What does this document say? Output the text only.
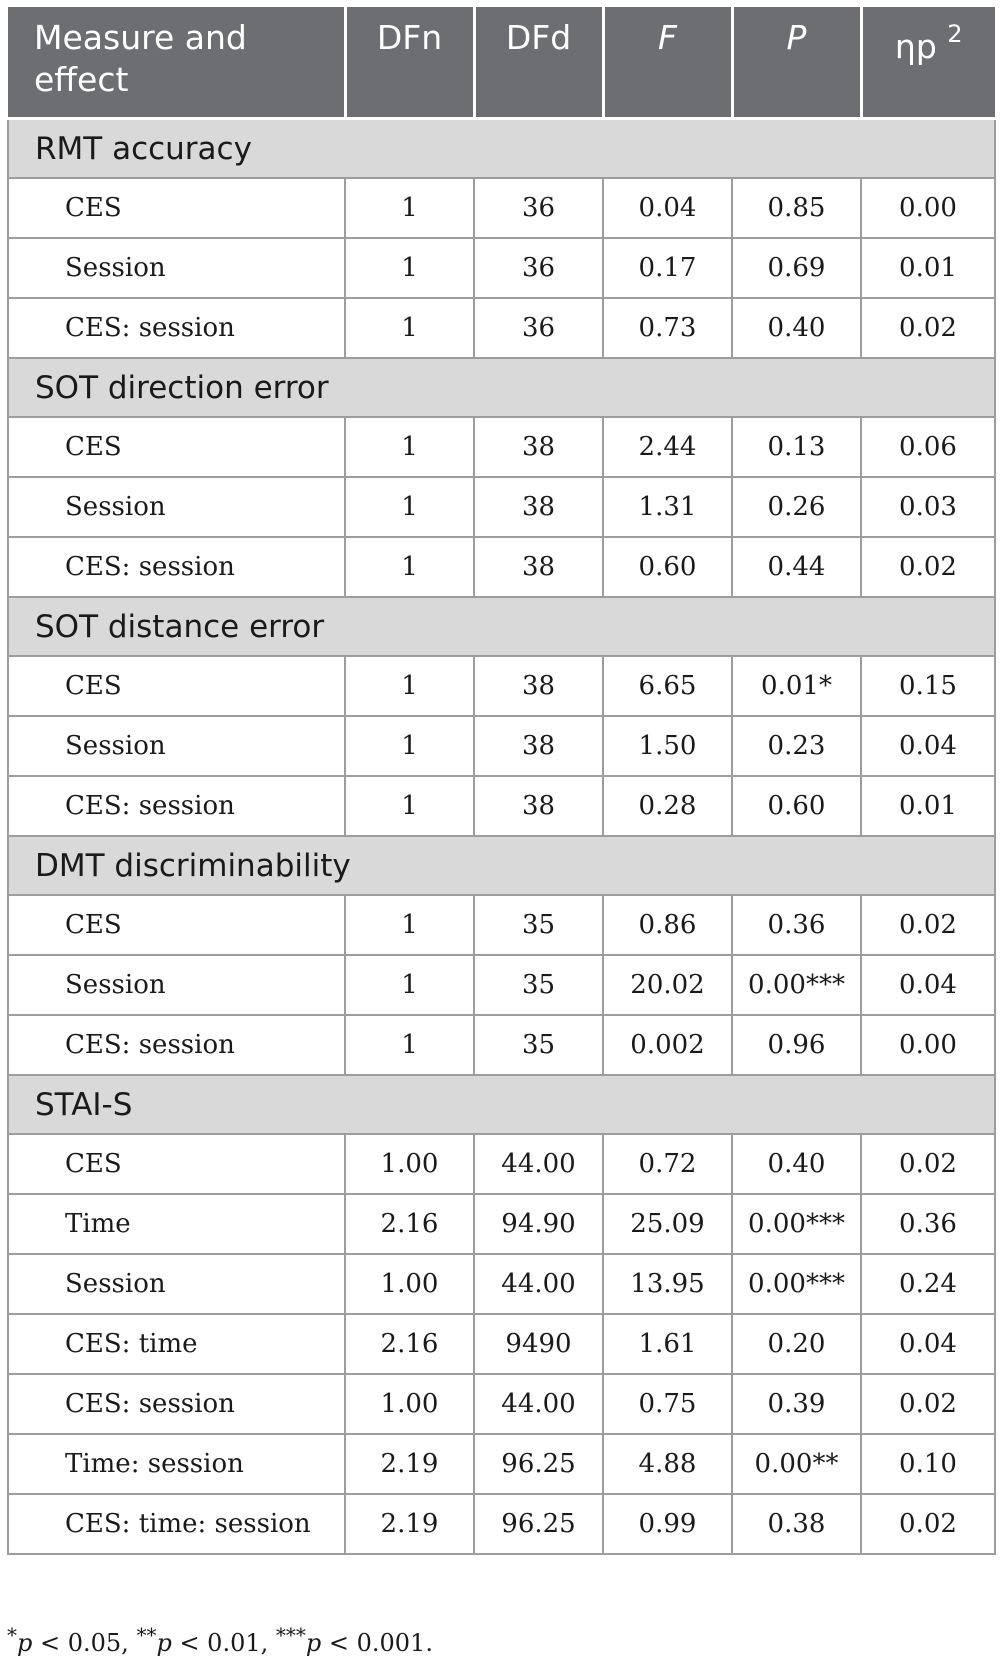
Measure and effect	DFn	DFd	F	P	ηp $^2$
RMT accuracy					
CES	1	36	0.04	0.85	0.00
Session	1	36	0.17	0.69	0.01
CES: session	1	36	0.73	0.40	0.02
SOT direction error					
CES	1	38	2.44	0.13	0.06
Session	1	38	1.31	0.26	0.03
CES: session	1	38	0.60	0.44	0.02
SOT distance error					
CES	1	38	6.65	0.01*	0.15
Session	1	38	1.50	0.23	0.04
CES: session	1	38	0.28	0.60	0.01
DMT discriminability					
CES	1	35	0.86	0.36	0.02
Session	1	35	20.02	0.00***	0.04
CES: session	1	35	0.002	0.96	0.00
STAI-S					
CES	1.00	44.00	0.72	0.40	0.02
Time	2.16	94.90	25.09	0.00***	0.36
Session	1.00	44.00	13.95	0.00***	0.24
CES: time	2.16	9490	1.61	0.20	0.04
CES: session	1.00	44.00	0.75	0.39	0.02
Time: session	2.19	96.25	4.88	0.00**	0.10
CES: time: session	2.19	96.25	0.99	0.38	0.02
*p < 0.05, **p < 0.01, ***p < 0.001.
